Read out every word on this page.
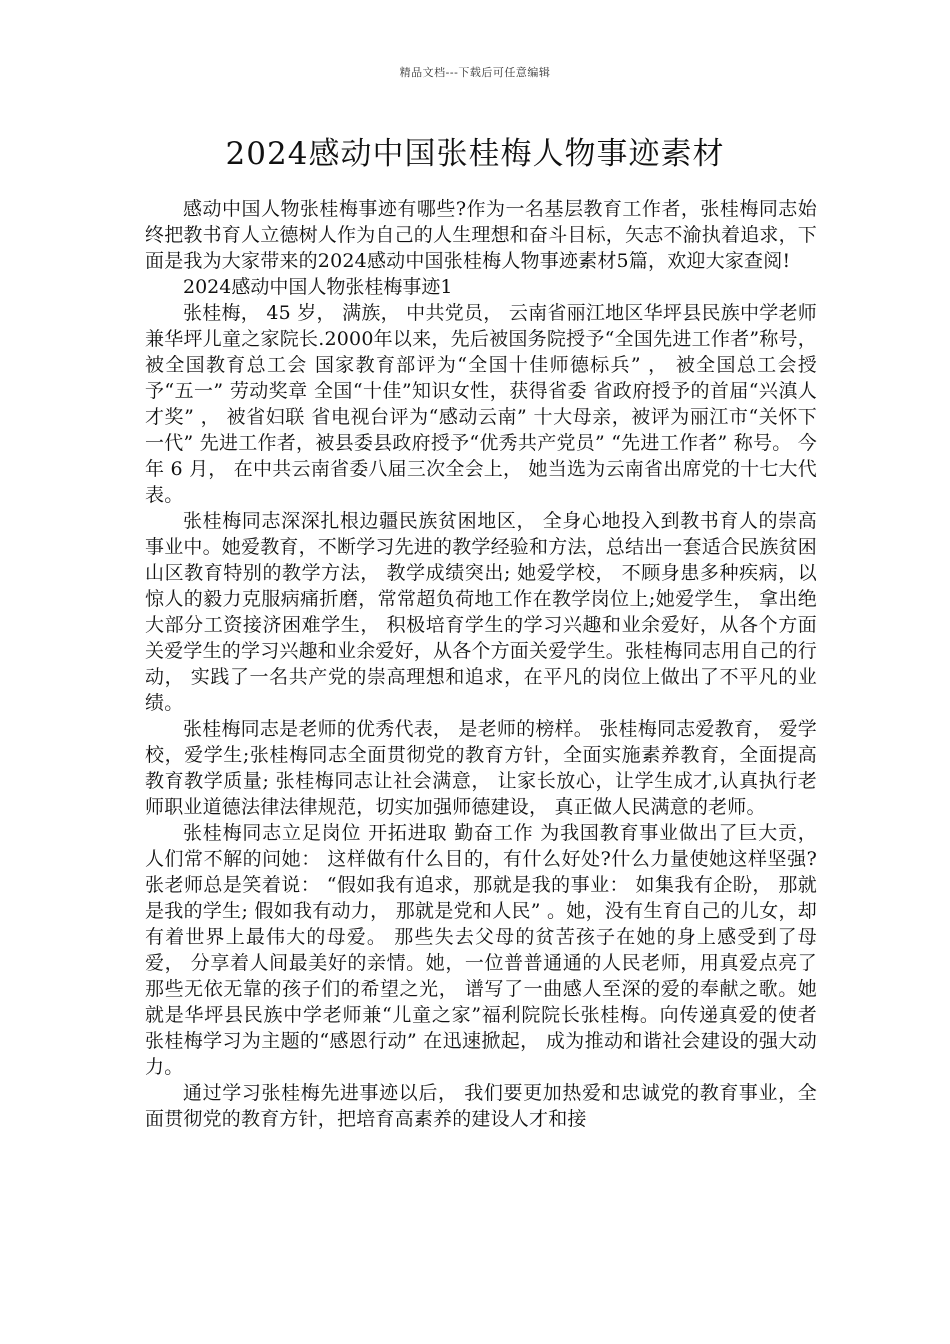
精品文档---下载后可任意编辑
2024感动中国张桂梅人物事迹素材

感动中国人物张桂梅事迹有哪些?作为一名基层教育工作者，张桂梅同志始终把教书育人立德树人作为自己的人生理想和奋斗目标，矢志不渝执着追求，下面是我为大家带来的2024感动中国张桂梅人物事迹素材5篇，欢迎大家查阅!

2024感动中国人物张桂梅事迹1

张桂梅， 45 岁， 满族， 中共党员， 云南省丽江地区华坪县民族中学老师兼华坪儿童之家院长.2000年以来，先后被国务院授予“全国先进工作者”称号， 被全国教育总工会 国家教育部评为“全国十佳师德标兵” ， 被全国总工会授予“五一” 劳动奖章 全国“十佳”知识女性，获得省委 省政府授予的首届“兴滇人才奖” ， 被省妇联 省电视台评为“感动云南” 十大母亲，被评为丽江市“关怀下一代” 先进工作者，被县委县政府授予“优秀共产党员” “先进工作者” 称号。 今年 6 月， 在中共云南省委八届三次全会上， 她当选为云南省出席党的十七大代表。

张桂梅同志深深扎根边疆民族贫困地区， 全身心地投入到教书育人的崇高事业中。她爱教育，不断学习先进的教学经验和方法，总结出一套适合民族贫困山区教育特别的教学方法， 教学成绩突出; 她爱学校， 不顾身患多种疾病，以惊人的毅力克服病痛折磨，常常超负荷地工作在教学岗位上;她爱学生， 拿出绝大部分工资接济困难学生， 积极培育学生的学习兴趣和业余爱好，从各个方面关爱学生的学习兴趣和业余爱好，从各个方面关爱学生。张桂梅同志用自己的行动， 实践了一名共产党的崇高理想和追求，在平凡的岗位上做出了不平凡的业绩。

张桂梅同志是老师的优秀代表， 是老师的榜样。 张桂梅同志爱教育， 爱学校，爱学生;张桂梅同志全面贯彻党的教育方针，全面实施素养教育，全面提高教育教学质量; 张桂梅同志让社会满意， 让家长放心，让学生成才,认真执行老师职业道德法律法律规范，切实加强师德建设， 真正做人民满意的老师。

张桂梅同志立足岗位 开拓进取 勤奋工作 为我国教育事业做出了巨大贡， 人们常不解的问她： 这样做有什么目的，有什么好处?什么力量使她这样坚强?张老师总是笑着说： “假如我有追求，那就是我的事业： 如集我有企盼， 那就是我的学生; 假如我有动力， 那就是党和人民” 。她，没有生育自己的儿女，却有着世界上最伟大的母爱。 那些失去父母的贫苦孩子在她的身上感受到了母爱， 分享着人间最美好的亲情。她，一位普普通通的人民老师，用真爱点亮了那些无依无靠的孩子们的希望之光， 谱写了一曲感人至深的爱的奉献之歌。她就是华坪县民族中学老师兼“儿童之家”福利院院长张桂梅。向传递真爱的使者张桂梅学习为主题的“感恩行动” 在迅速掀起， 成为推动和谐社会建设的强大动力。

通过学习张桂梅先进事迹以后， 我们要更加热爱和忠诚党的教育事业，全面贯彻党的教育方针，把培育高素养的建设人才和接
